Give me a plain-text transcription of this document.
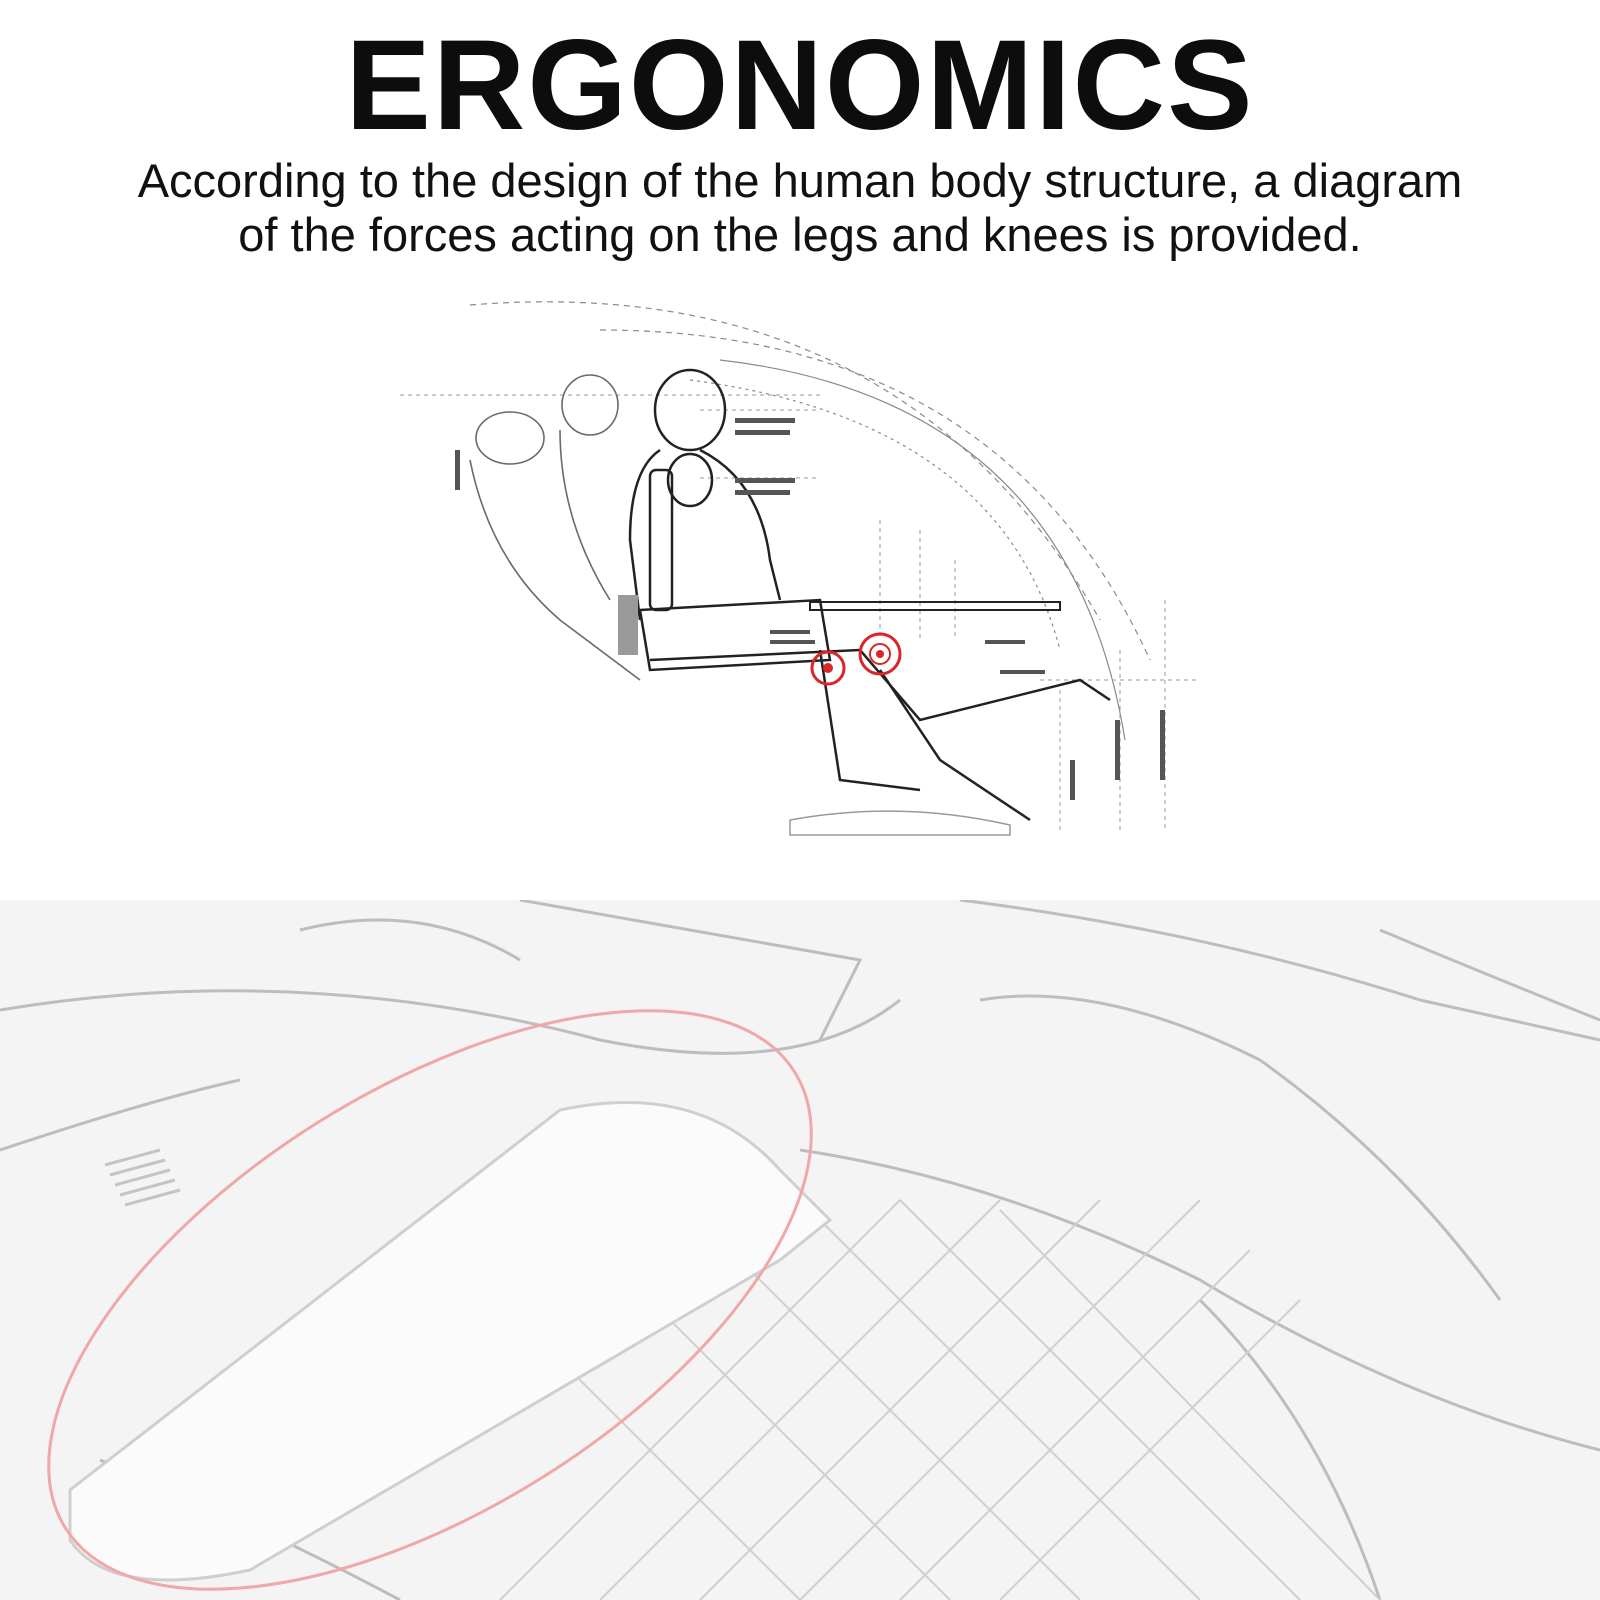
ERGONOMICS
According to the design of the human body structure, a diagram
of the forces acting on the legs and knees is provided.
